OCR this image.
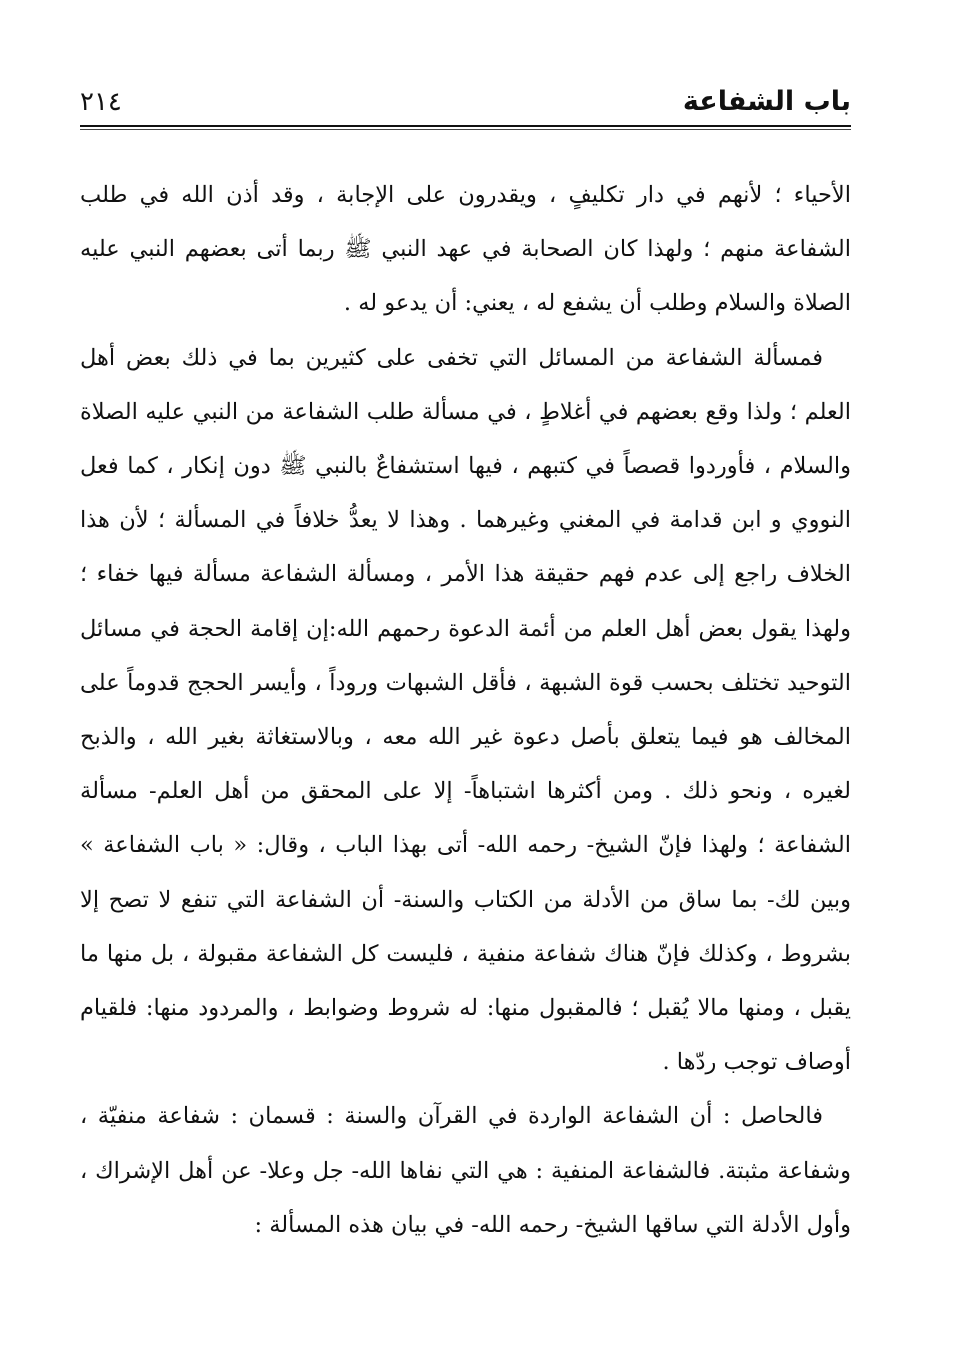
باب الشفاعة
٢١٤

الأحياء ؛ لأنهم في دار تكليفٍ ، ويقدرون على الإجابة ، وقد أذن الله في طلب الشفاعة منهم ؛ ولهذا كان الصحابة في عهد النبي ﷺ ربما أتى بعضهم النبي عليه الصلاة والسلام وطلب أن يشفع له ، يعني: أن يدعو له .

فمسألة الشفاعة من المسائل التي تخفى على كثيرين بما في ذلك بعض أهل العلم ؛ ولذا وقع بعضهم في أغلاطٍ ، في مسألة طلب الشفاعة من النبي عليه الصلاة والسلام ، فأوردوا قصصاً في كتبهم ، فيها استشفاعٌ بالنبي ﷺ دون إنكار ، كما فعل النووي و ابن قدامة في المغني وغيرهما . وهذا لا يعدُّ خلافاً في المسألة ؛ لأن هذا الخلاف راجع إلى عدم فهم حقيقة هذا الأمر ، ومسألة الشفاعة مسألة فيها خفاء ؛ ولهذا يقول بعض أهل العلم من أئمة الدعوة رحمهم الله:إن إقامة الحجة في مسائل التوحيد تختلف بحسب قوة الشبهة ، فأقل الشبهات وروداً ، وأيسر الحجج قدوماً على المخالف هو فيما يتعلق بأصل دعوة غير الله معه ، وبالاستغاثة بغير الله ، والذبح لغيره ، ونحو ذلك . ومن أكثرها اشتباهاً- إلا على المحقق من أهل العلم- مسألة الشفاعة ؛ ولهذا فإنّ الشيخ- رحمه الله- أتى بهذا الباب ، وقال: « باب الشفاعة » وبين لك- بما ساق من الأدلة من الكتاب والسنة- أن الشفاعة التي تنفع لا تصح إلا بشروط ، وكذلك فإنّ هناك شفاعة منفية ، فليست كل الشفاعة مقبولة ، بل منها ما يقبل ، ومنها مالا يُقبل ؛ فالمقبول منها: له شروط وضوابط ، والمردود منها: فلقيام أوصاف توجب ردّها .

فالحاصل : أن الشفاعة الواردة في القرآن والسنة : قسمان : شفاعة منفيّة ، وشفاعة مثبتة. فالشفاعة المنفية : هي التي نفاها الله- جل وعلا- عن أهل الإشراك ، وأول الأدلة التي ساقها الشيخ- رحمه الله- في بيان هذه المسألة :
